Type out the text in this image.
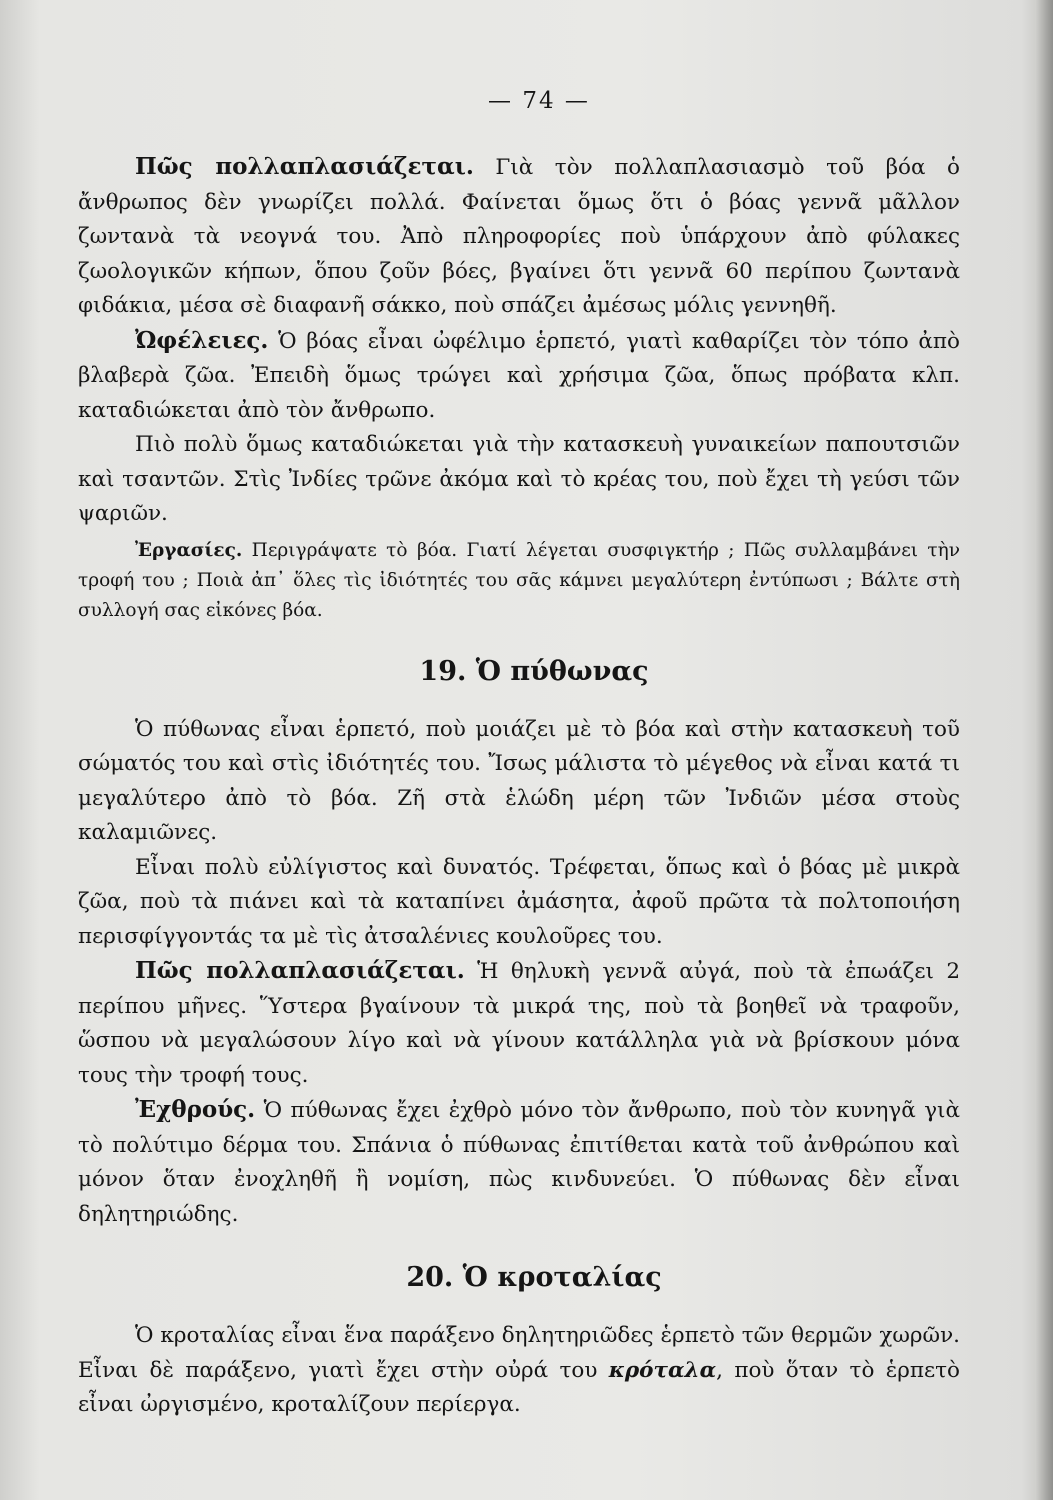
— 74 —

Πῶς πολλαπλασιάζεται. Γιὰ τὸν πολλαπλασιασμὸ τοῦ βόα ὁ ἄνθρωπος δὲν γνωρίζει πολλά. Φαίνεται ὅμως ὅτι ὁ βόας γεννᾶ μᾶλλον ζωντανὰ τὰ νεογνά του. Ἀπὸ πληροφορίες ποὺ ὑπάρχουν ἀπὸ φύλακες ζωολογικῶν κήπων, ὅπου ζοῦν βόες, βγαίνει ὅτι γεννᾶ 60 περίπου ζωντανὰ φιδάκια, μέσα σὲ διαφανῆ σάκκο, ποὺ σπάζει ἀμέσως μόλις γεννηθῆ.

Ὠφέλειες. Ὁ βόας εἶναι ὠφέλιμο ἑρπετό, γιατὶ καθαρίζει τὸν τόπο ἀπὸ βλαβερὰ ζῶα. Ἐπειδὴ ὅμως τρώγει καὶ χρήσιμα ζῶα, ὅπως πρόβατα κλπ. καταδιώκεται ἀπὸ τὸν ἄνθρωπο.

Πιὸ πολὺ ὅμως καταδιώκεται γιὰ τὴν κατασκευὴ γυναικείων παπουτσιῶν καὶ τσαντῶν. Στὶς Ἰνδίες τρῶνε ἀκόμα καὶ τὸ κρέας του, ποὺ ἔχει τὴ γεύσι τῶν ψαριῶν.

Ἐργασίες. Περιγράψατε τὸ βόα. Γιατί λέγεται συσφιγκτήρ ; Πῶς συλλαμβάνει τὴν τροφή του ; Ποιὰ ἀπ᾽ ὅλες τὶς ἰδιότητές του σᾶς κάμνει μεγαλύτερη ἐντύπωσι ; Βάλτε στὴ συλλογή σας εἰκόνες βόα.

19. Ὁ πύθωνας

Ὁ πύθωνας εἶναι ἑρπετό, ποὺ μοιάζει μὲ τὸ βόα καὶ στὴν κατασκευὴ τοῦ σώματός του καὶ στὶς ἰδιότητές του. Ἴσως μάλιστα τὸ μέγεθος νὰ εἶναι κατά τι μεγαλύτερο ἀπὸ τὸ βόα. Ζῆ στὰ ἑλώδη μέρη τῶν Ἰνδιῶν μέσα στοὺς καλαμιῶνες.

Εἶναι πολὺ εὐλίγιστος καὶ δυνατός. Τρέφεται, ὅπως καὶ ὁ βόας μὲ μικρὰ ζῶα, ποὺ τὰ πιάνει καὶ τὰ καταπίνει ἀμάσητα, ἀφοῦ πρῶτα τὰ πολτοποιήση περισφίγγοντάς τα μὲ τὶς ἀτσαλένιες κουλοῦρες του.

Πῶς πολλαπλασιάζεται. Ἡ θηλυκὴ γεννᾶ αὐγά, ποὺ τὰ ἐπωάζει 2 περίπου μῆνες. Ὕστερα βγαίνουν τὰ μικρά της, ποὺ τὰ βοηθεῖ νὰ τραφοῦν, ὥσπου νὰ μεγαλώσουν λίγο καὶ νὰ γίνουν κατάλληλα γιὰ νὰ βρίσκουν μόνα τους τὴν τροφή τους.

Ἐχθρούς. Ὁ πύθωνας ἔχει ἐχθρὸ μόνο τὸν ἄνθρωπο, ποὺ τὸν κυνηγᾶ γιὰ τὸ πολύτιμο δέρμα του. Σπάνια ὁ πύθωνας ἐπιτίθεται κατὰ τοῦ ἀνθρώπου καὶ μόνον ὅταν ἐνοχληθῆ ἢ νομίση, πὼς κινδυνεύει. Ὁ πύθωνας δὲν εἶναι δηλητηριώδης.

20. Ὁ κροταλίας

Ὁ κροταλίας εἶναι ἕνα παράξενο δηλητηριῶδες ἑρπετὸ τῶν θερμῶν χωρῶν. Εἶναι δὲ παράξενο, γιατὶ ἔχει στὴν οὐρά του κρόταλα, ποὺ ὅταν τὸ ἑρπετὸ εἶναι ὠργισμένο, κροταλίζουν περίεργα.
